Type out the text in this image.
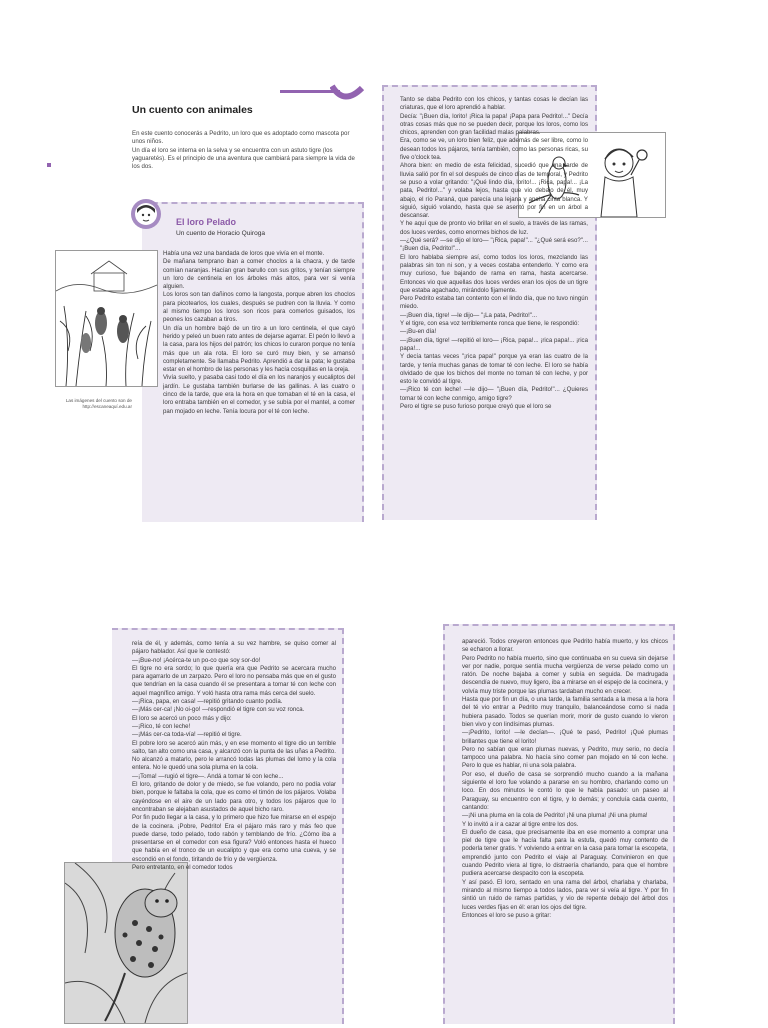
Un cuento con animales

En este cuento conocerás a Pedrito, un loro que es adoptado como mascota por unos niños.
Un día el loro se interna en la selva y se encuentra con un astuto tigre (los yaguaretés). Es el principio de una aventura que cambiará para siempre la vida de los dos.

El loro Pelado
Un cuento de Horacio Quiroga
Las imágenes del cuento son de http://escaneaquí.edu.ar

Había una vez una bandada de loros que vivía en el monte.
De mañana temprano iban a comer choclos a la chacra, y de tarde comían naranjas. Hacían gran barullo con sus gritos, y tenían siempre un loro de centinela en los árboles más altos, para ver si venía alguien.
Los loros son tan dañinos como la langosta, porque abren los choclos para picotearlos, los cuales, después se pudren con la lluvia. Y como al mismo tiempo los loros son ricos para comerlos guisados, los peones los cazaban a tiros.
Un día un hombre bajó de un tiro a un loro centinela, el que cayó herido y peleó un buen rato antes de dejarse agarrar. El peón lo llevó a la casa, para los hijos del patrón; los chicos lo curaron porque no tenía más que un ala rota. El loro se curó muy bien, y se amansó completamente. Se llamaba Pedrito. Aprendió a dar la pata; le gustaba estar en el hombro de las personas y les hacía cosquillas en la oreja.
Vivía suelto, y pasaba casi todo el día en los naranjos y eucaliptos del jardín. Le gustaba también burlarse de las gallinas. A las cuatro o cinco de la tarde, que era la hora en que tomaban el té en la casa, el loro entraba también en el comedor, y se subía por el mantel, a comer pan mojado en leche. Tenía locura por el té con leche.

Tanto se daba Pedrito con los chicos, y tantas cosas le decían las criaturas, que el loro aprendió a hablar.
Decía: "¡Buen día, lorito! ¡Rica la papa! ¡Papa para Pedrito!..." Decía otras cosas más que no se pueden decir, porque los loros, como los chicos, aprenden con gran facilidad malas palabras.
Era, como se ve, un loro bien feliz, que además de ser libre, como lo desean todos los pájaros, tenía también, como las personas ricas, su five o'clock tea.
Ahora bien: en medio de esta felicidad, sucedió que una tarde de lluvia salió por fin el sol después de cinco días de temporal, y Pedrito se puso a volar gritando: "¡Qué lindo día, lorito!... ¡Rica, papa!... ¡La pata, Pedrito!..." y volaba lejos, hasta que vio debajo de él, muy abajo, el río Paraná, que parecía una lejana y ancha cinta blanca. Y siguió, siguió volando, hasta que se asentó por fin en un árbol a descansar.
Y he aquí que de pronto vio brillar en el suelo, a través de las ramas, dos luces verdes, como enormes bichos de luz.
—¿Qué será? —se dijo el loro— "¡Rica, papa!"... "¿Qué será eso?"... "¡Buen día, Pedrito!"...
El loro hablaba siempre así, como todos los loros, mezclando las palabras sin ton ni son, y a veces costaba entenderlo. Y como era muy curioso, fue bajando de rama en rama, hasta acercarse. Entonces vio que aquellas dos luces verdes eran los ojos de un tigre que estaba agachado, mirándolo fijamente.
Pero Pedrito estaba tan contento con el lindo día, que no tuvo ningún miedo.
—¡Buen día, tigre! —le dijo— "¡La pata, Pedrito!"...
Y el tigre, con esa voz terriblemente ronca que tiene, le respondió:
—¡Bu-en día!
—¡Buen día, tigre! —repitió el loro— ¡Rica, papa!... ¡rica papa!... ¡rica papa!...
Y decía tantas veces "¡rica papa!" porque ya eran las cuatro de la tarde, y tenía muchas ganas de tomar té con leche. El loro se había olvidado de que los bichos del monte no toman té con leche, y por esto le convidó al tigre.
—¡Rico té con leche! —le dijo— "¡Buen día, Pedrito!"... ¿Quieres tomar té con leche conmigo, amigo tigre?
Pero el tigre se puso furioso porque creyó que el loro se

reía de él, y además, como tenía a su vez hambre, se quiso comer al pájaro hablador. Así que le contestó:
—¡Bue-no! ¡Acérca-te un po-co que soy sor-do!
El tigre no era sordo; lo que quería era que Pedrito se acercara mucho para agarrarlo de un zarpazo. Pero el loro no pensaba más que en el gusto que tendrían en la casa cuando él se presentara a tomar té con leche con aquel magnífico amigo. Y voló hasta otra rama más cerca del suelo.
—¡Rica, papa, en casa! —repitió gritando cuanto podía.
—¡Más cer-ca! ¡No oi-go! —respondió el tigre con su voz ronca.
El loro se acercó un poco más y dijo:
—¡Rico, té con leche!
—¡Más cer-ca toda-vía! —repitió el tigre.
El pobre loro se acercó aún más, y en ese momento el tigre dio un terrible salto, tan alto como una casa, y alcanzó con la punta de las uñas a Pedrito.
No alcanzó a matarlo, pero le arrancó todas las plumas del lomo y la cola entera. No le quedó una sola pluma en la cola.
—¡Toma! —rugió el tigre—. Andá a tomar té con leche...
El loro, gritando de dolor y de miedo, se fue volando, pero no podía volar bien, porque le faltaba la cola, que es como el timón de los pájaros. Volaba cayéndose en el aire de un lado para otro, y todos los pájaros que lo encontraban se alejaban asustados de aquel bicho raro.
Por fin pudo llegar a la casa, y lo primero que hizo fue mirarse en el espejo de la cocinera. ¡Pobre, Pedrito! Era el pájaro más raro y más feo que puede darse, todo pelado, todo rabón y temblando de frío. ¿Cómo iba a presentarse en el comedor con esa figura? Voló entonces hasta el hueco que había en el tronco de un eucalipto y que era como una cueva, y se escondió en el fondo, tiritando de frío y de vergüenza.
Pero entretanto, en el comedor todos

apareció. Todos creyeron entonces que Pedrito había muerto, y los chicos se echaron a llorar.
Pero Pedrito no había muerto, sino que continuaba en su cueva sin dejarse ver por nadie, porque sentía mucha vergüenza de verse pelado como un ratón. De noche bajaba a comer y subía en seguida. De madrugada descendía de nuevo, muy ligero, iba a mirarse en el espejo de la cocinera, y volvía muy triste porque las plumas tardaban mucho en crecer.
Hasta que por fin un día, o una tarde, la familia sentada a la mesa a la hora del té vio entrar a Pedrito muy tranquilo, balanceándose como si nada hubiera pasado. Todos se querían morir, morir de gusto cuando lo vieron bien vivo y con lindísimas plumas.
—¡Pedrito, lorito! —le decían—. ¡Qué te pasó, Pedrito! ¡Qué plumas brillantes que tiene el lorito!
Pero no sabían que eran plumas nuevas, y Pedrito, muy serio, no decía tampoco una palabra. No hacía sino comer pan mojado en té con leche. Pero lo que es hablar, ni una sola palabra.
Por eso, el dueño de casa se sorprendió mucho cuando a la mañana siguiente el loro fue volando a pararse en su hombro, charlando como un loco. En dos minutos le contó lo que le había pasado: un paseo al Paraguay, su encuentro con el tigre, y lo demás; y concluía cada cuento, cantando:
—¡Ni una pluma en la cola de Pedrito! ¡Ni una pluma! ¡Ni una pluma!
Y lo invitó a ir a cazar al tigre entre los dos.
El dueño de casa, que precisamente iba en ese momento a comprar una piel de tigre que le hacía falta para la estufa, quedó muy contento de poderla tener gratis. Y volviendo a entrar en la casa para tomar la escopeta, emprendió junto con Pedrito el viaje al Paraguay. Convinieron en que cuando Pedrito viera al tigre, lo distraería charlando, para que el hombre pudiera acercarse despacito con la escopeta.
Y así pasó. El loro, sentado en una rama del árbol, charlaba y charlaba, mirando al mismo tiempo a todos lados, para ver si veía al tigre. Y por fin sintió un ruido de ramas partidas, y vio de repente debajo del árbol dos luces verdes fijas en él: eran los ojos del tigre.
Entonces el loro se puso a gritar:
